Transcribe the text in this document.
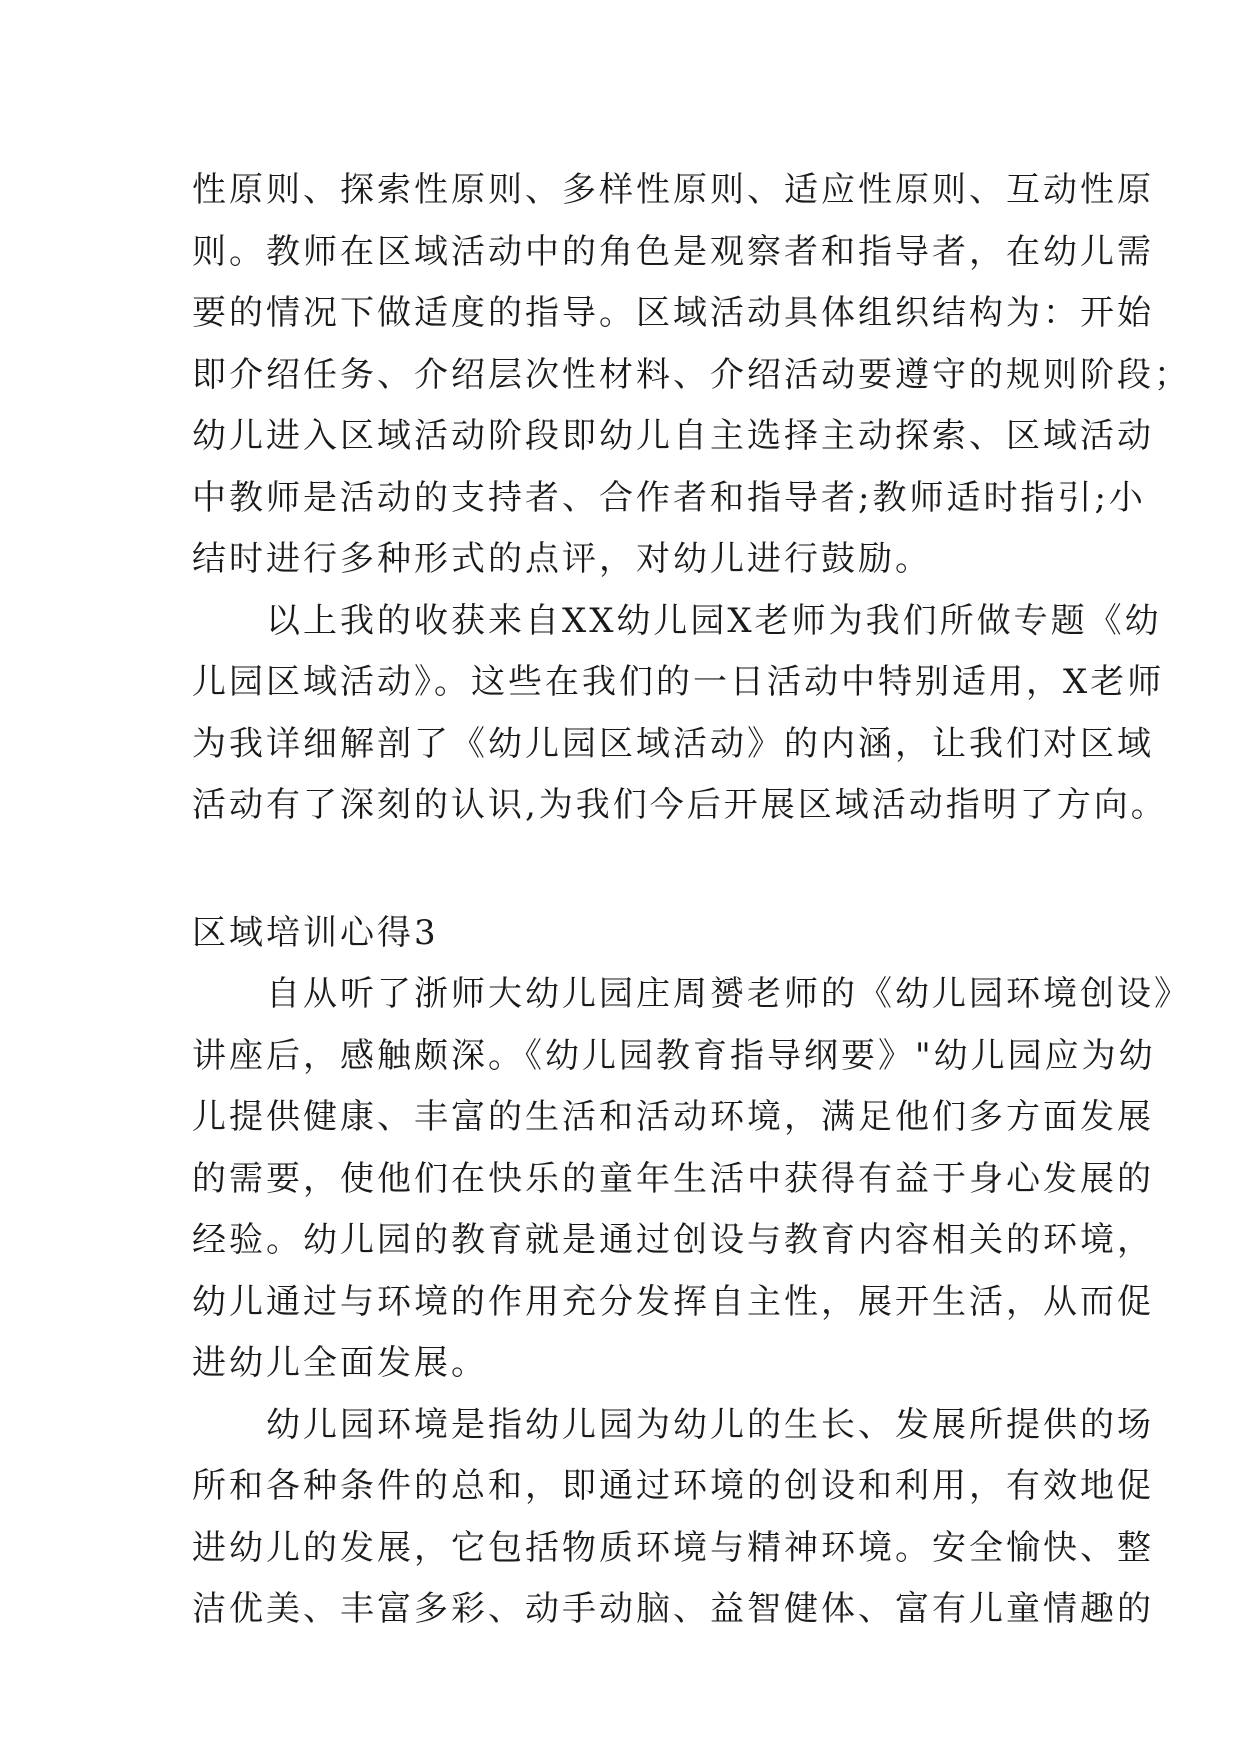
性原则、探索性原则、多样性原则、适应性原则、互动性原
则。教师在区域活动中的角色是观察者和指导者，在幼儿需
要的情况下做适度的指导。区域活动具体组织结构为：开始
即介绍任务、介绍层次性材料、介绍活动要遵守的规则阶段；
幼儿进入区域活动阶段即幼儿自主选择主动探索、区域活动
中教师是活动的支持者、合作者和指导者;教师适时指引;小
结时进行多种形式的点评，对幼儿进行鼓励。
　　以上我的收获来自XX幼儿园X老师为我们所做专题《幼
儿园区域活动》。这些在我们的一日活动中特别适用，X老师
为我详细解剖了《幼儿园区域活动》的内涵，让我们对区域
活动有了深刻的认识,为我们今后开展区域活动指明了方向。
区域培训心得3
　　自从听了浙师大幼儿园庄周赟老师的《幼儿园环境创设》
讲座后，感触颇深。《幼儿园教育指导纲要》"幼儿园应为幼
儿提供健康、丰富的生活和活动环境，满足他们多方面发展
的需要，使他们在快乐的童年生活中获得有益于身心发展的
经验。幼儿园的教育就是通过创设与教育内容相关的环境，
幼儿通过与环境的作用充分发挥自主性，展开生活，从而促
进幼儿全面发展。
　　幼儿园环境是指幼儿园为幼儿的生长、发展所提供的场
所和各种条件的总和，即通过环境的创设和利用，有效地促
进幼儿的发展，它包括物质环境与精神环境。安全愉快、整
洁优美、丰富多彩、动手动脑、益智健体、富有儿童情趣的
